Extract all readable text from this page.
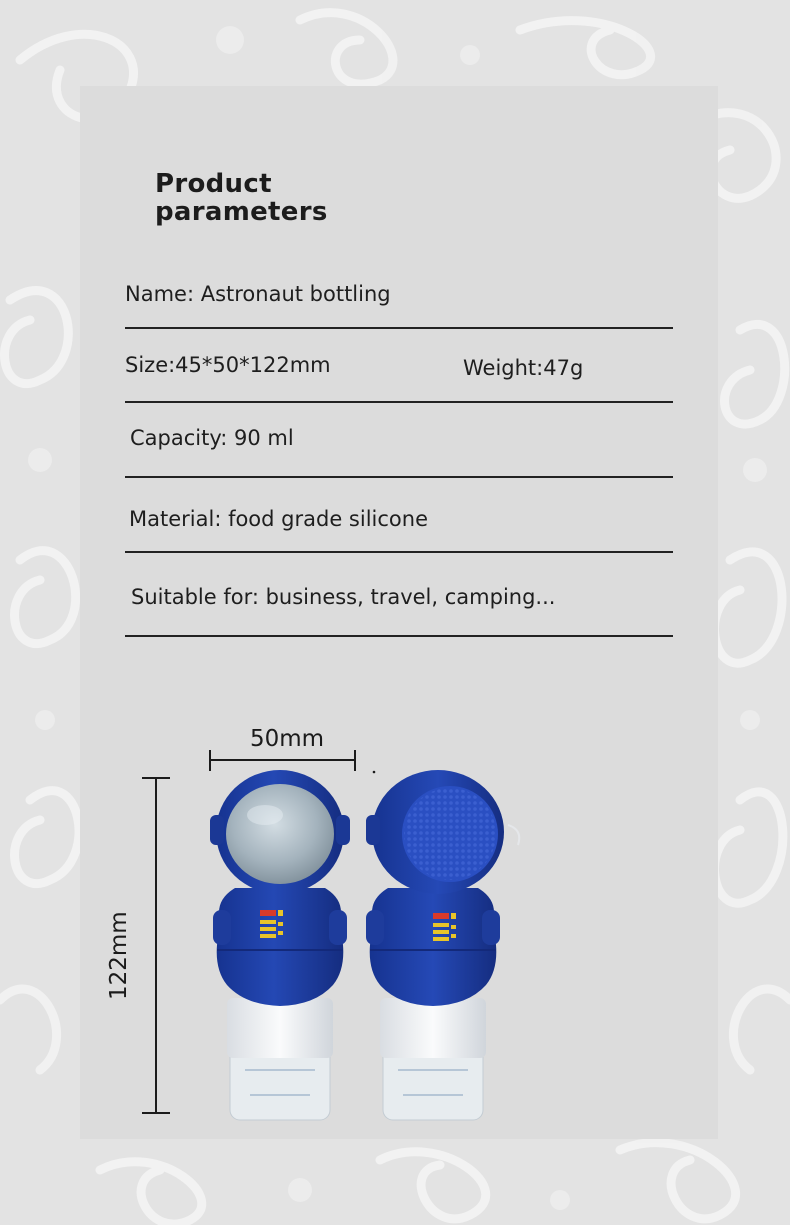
Product
parameters
Name: Astronaut bottling
Size:45*50*122mm	Weight:47g
Capacity: 90 ml
Material: food grade silicone
Suitable for: business, travel, camping...
50mm
122mm
